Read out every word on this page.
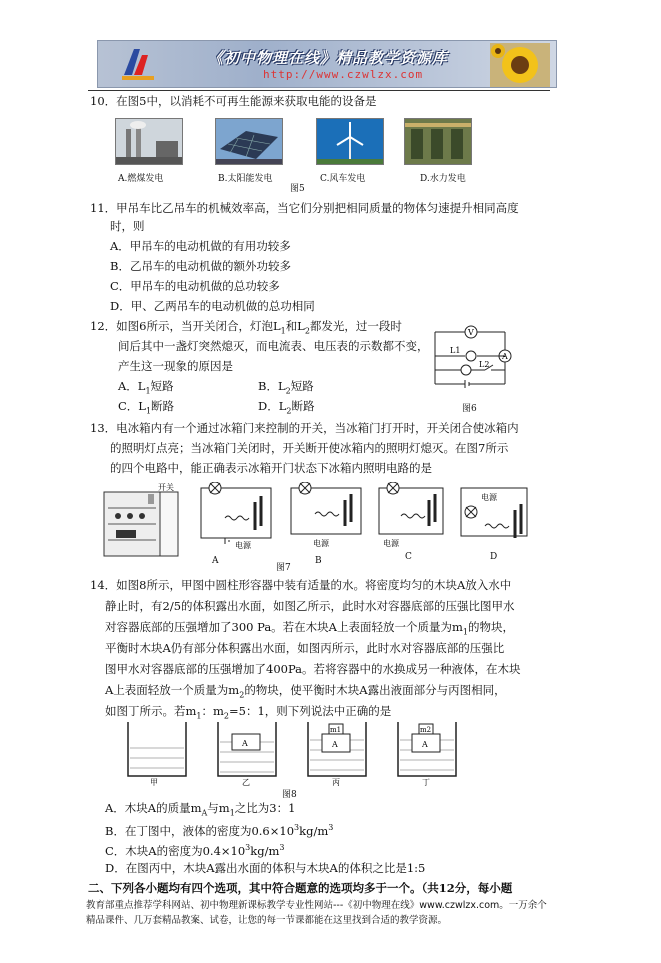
《初中物理在线》精品教学资源库
http://www.czwlzx.com
10．在图5中，以消耗不可再生能源来获取电能的设备是
A.燃煤发电	B.太阳能发电	C.风车发电	D.水力发电
图5
11．甲吊车比乙吊车的机械效率高，当它们分别把相同质量的物体匀速提升相同高度
时，则
A．甲吊车的电动机做的有用功较多
B．乙吊车的电动机做的额外功较多
C．甲吊车的电动机做的总功较多
D．甲、乙两吊车的电动机做的总功相同
12．如图6所示，当开关闭合，灯泡$L_1$和$L_2$都发光，过一段时
间后其中一盏灯突然熄灭，而电流表、电压表的示数都不变，
产生这一现象的原因是
A．$L_1$短路	B．$L_2$短路
C．$L_1$断路	D．$L_2$断路
V
A
L1
L2
图6
13．电冰箱内有一个通过冰箱门来控制的开关，当冰箱门打开时，开关闭合使冰箱内
的照明灯点亮；当冰箱门关闭时，开关断开使冰箱内的照明灯熄灭。在图7所示
的四个电路中，能正确表示冰箱开门状态下冰箱内照明电路的是
开关
电源	电源	电源
电源
A
图7
B	C	D
14．如图8所示，甲图中圆柱形容器中装有适量的水。将密度均匀的木块A放入水中
静止时，有2/5的体积露出水面，如图乙所示，此时水对容器底部的压强比图甲水
对容器底部的压强增加了300 Pa。若在木块A上表面轻放一个质量为$m_1$的物块，
平衡时木块A仍有部分体积露出水面，如图丙所示，此时水对容器底部的压强比
图甲水对容器底部的压强增加了400Pa。若将容器中的水换成另一种液体，在木块
A上表面轻放一个质量为$m_2$的物块，使平衡时木块A露出液面部分与丙图相同，
如图丁所示。若$m_1$：$m_2=5$：1，则下列说法中正确的是
A	A	A
m1	m2
甲	乙	丙	丁
图8
A．木块A的质量$m_A$与$m_1$之比为3：1
B．在丁图中，液体的密度为$0.6\times 10^3kg/m^3$
C．木块A的密度为$0.4\times 10^3kg/m^3$
D．在图丙中，木块A露出水面的体积与木块A的体积之比是1:5
二、下列各小题均有四个选项，其中符合题意的选项均多于一个。（共12分，每小题
教育部重点推荐学科网站、初中物理新课标教学专业性网站---《初中物理在线》www.czwlzx.com。一万余个
精品课件、几万套精品教案、试卷，让您的每一节课都能在这里找到合适的教学资源。
